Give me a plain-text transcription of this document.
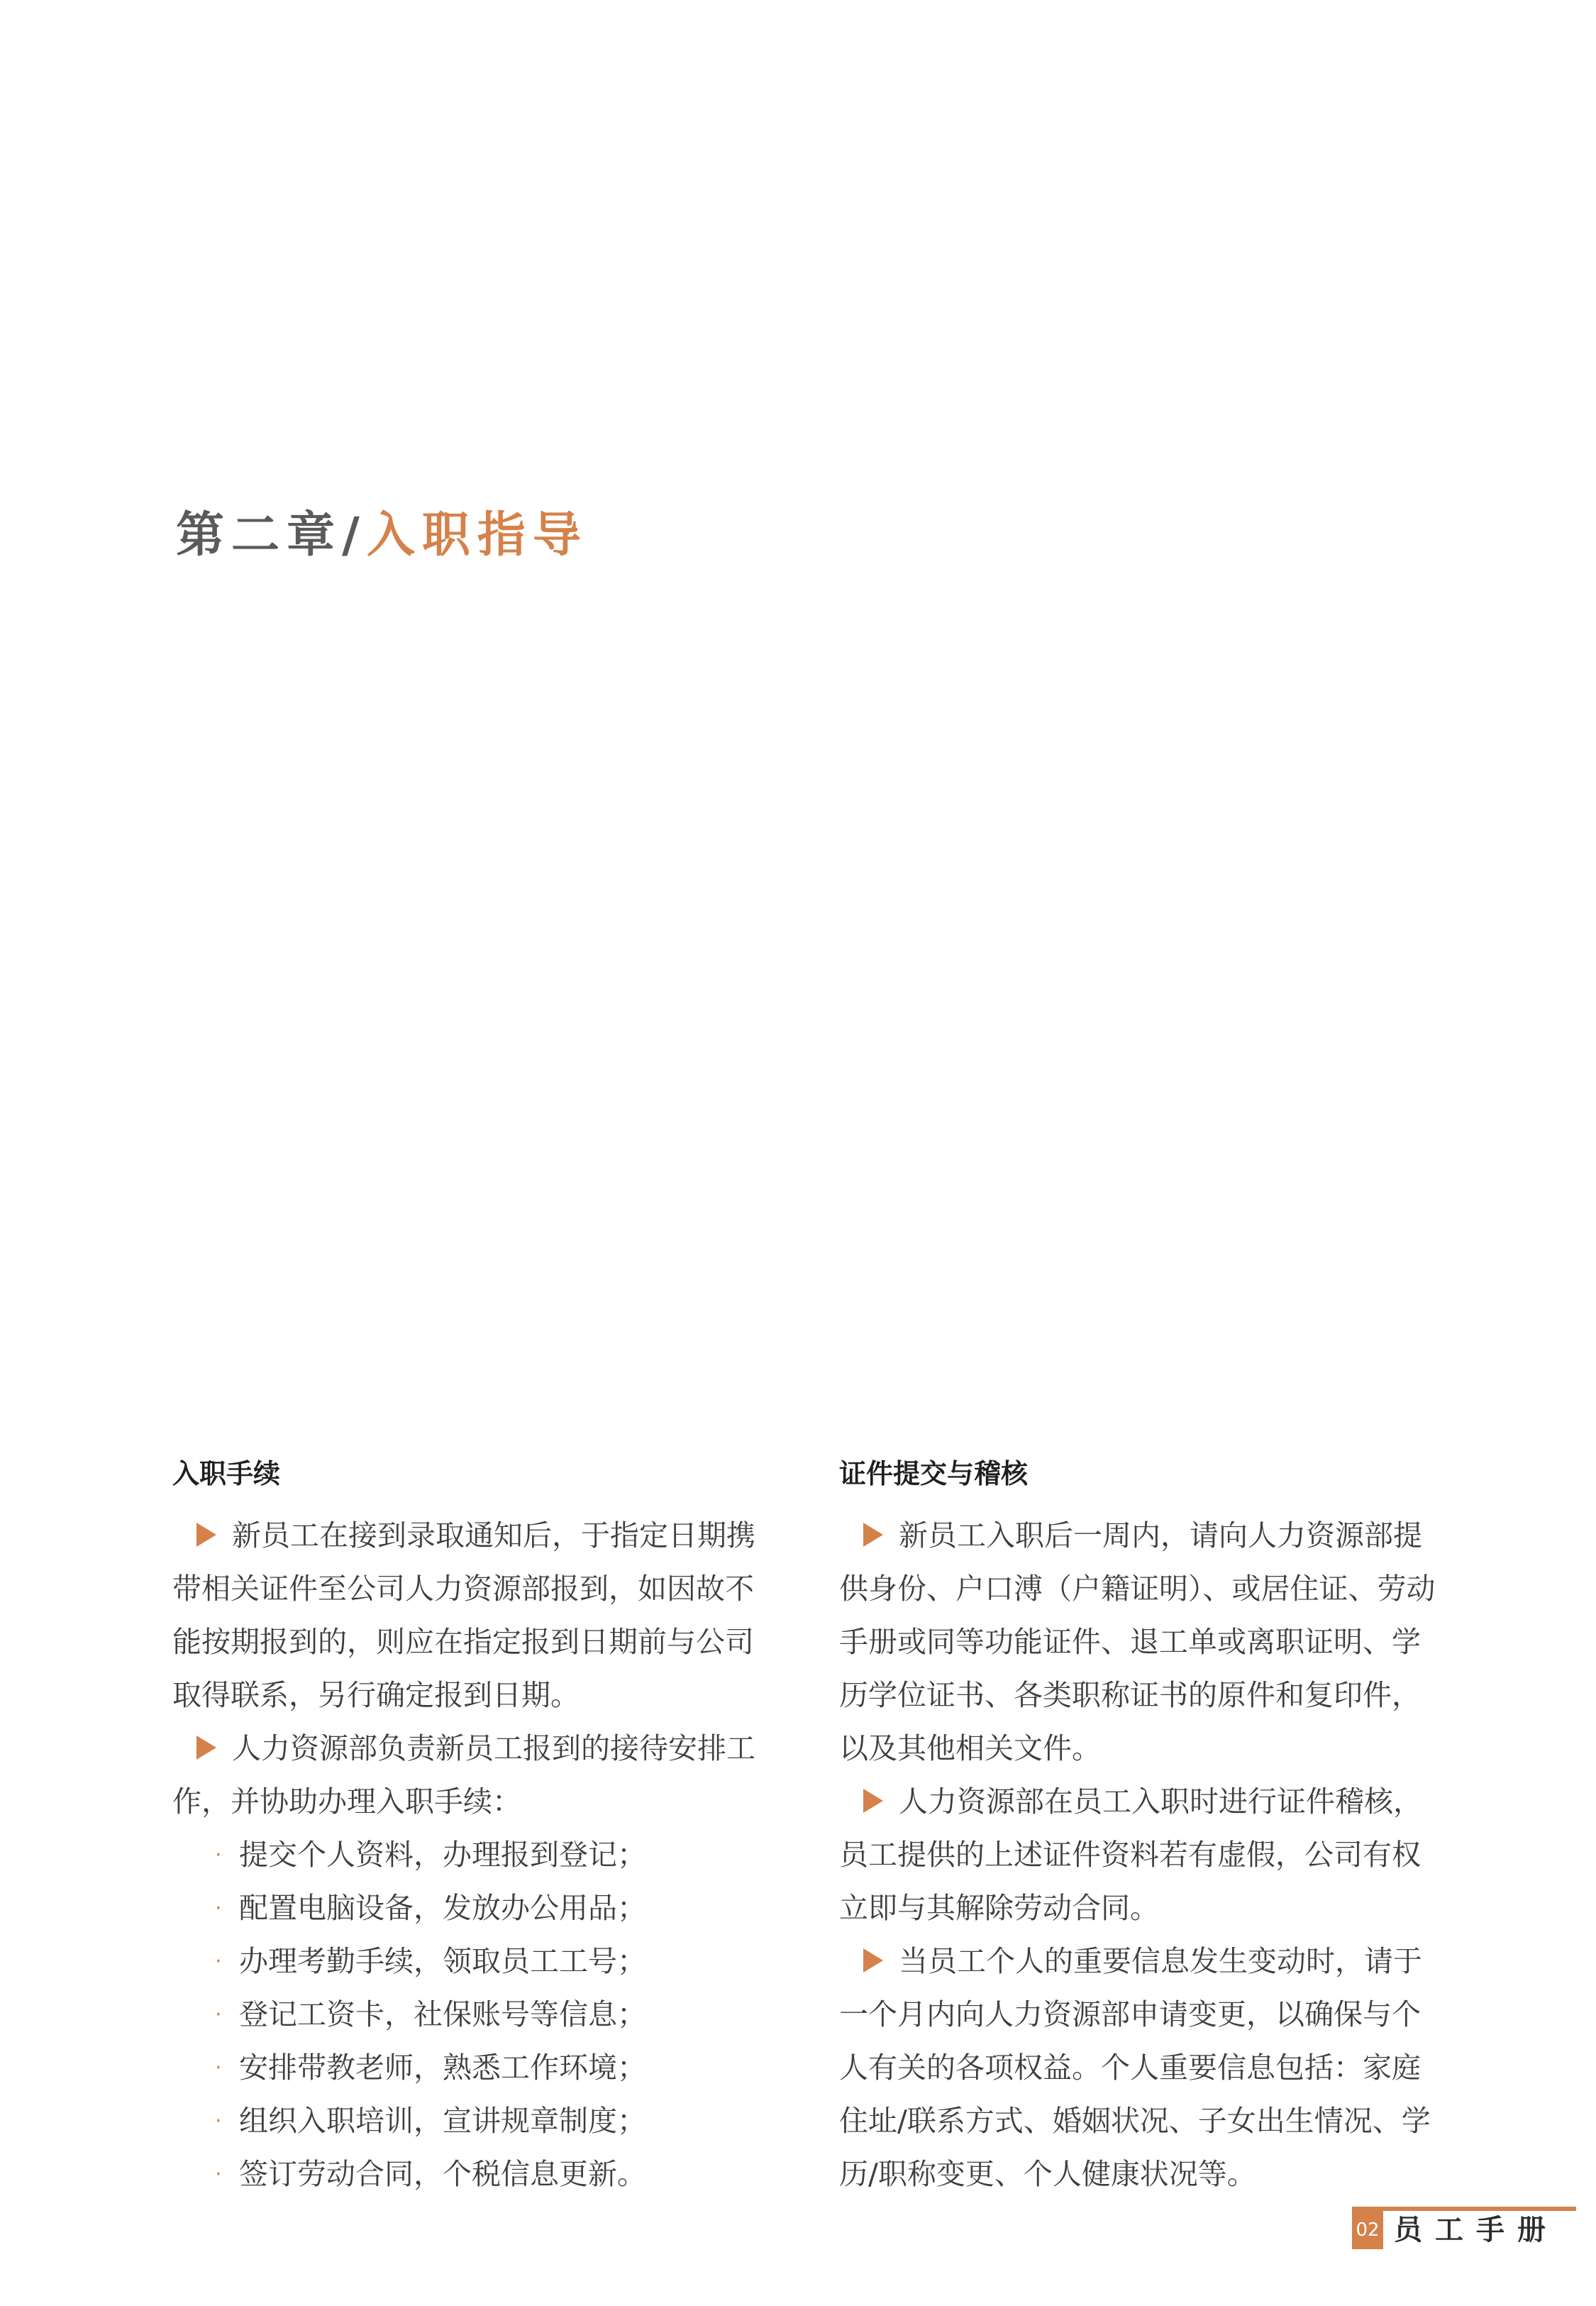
第二章/入职指导
入职手续

新员工在接到录取通知后，于指定日期携带相关证件至公司人力资源部报到，如因故不能按期报到的，则应在指定报到日期前与公司取得联系，另行确定报到日期。

人力资源部负责新员工报到的接待安排工作，并协助办理入职手续：

· 提交个人资料，办理报到登记；
· 配置电脑设备，发放办公用品；
· 办理考勤手续，领取员工工号；
· 登记工资卡，社保账号等信息；
· 安排带教老师，熟悉工作环境；
· 组织入职培训，宣讲规章制度；
· 签订劳动合同，个税信息更新。
证件提交与稽核

新员工入职后一周内，请向人力资源部提供身份、户口溥（户籍证明）、或居住证、劳动手册或同等功能证件、退工单或离职证明、学历学位证书、各类职称证书的原件和复印件，以及其他相关文件。

人力资源部在员工入职时进行证件稽核，员工提供的上述证件资料若有虚假，公司有权立即与其解除劳动合同。

当员工个人的重要信息发生变动时，请于一个月内向人力资源部申请变更，以确保与个人有关的各项权益。个人重要信息包括：家庭住址/联系方式、婚姻状况、子女出生情况、学历/职称变更、个人健康状况等。

02 员工手册
